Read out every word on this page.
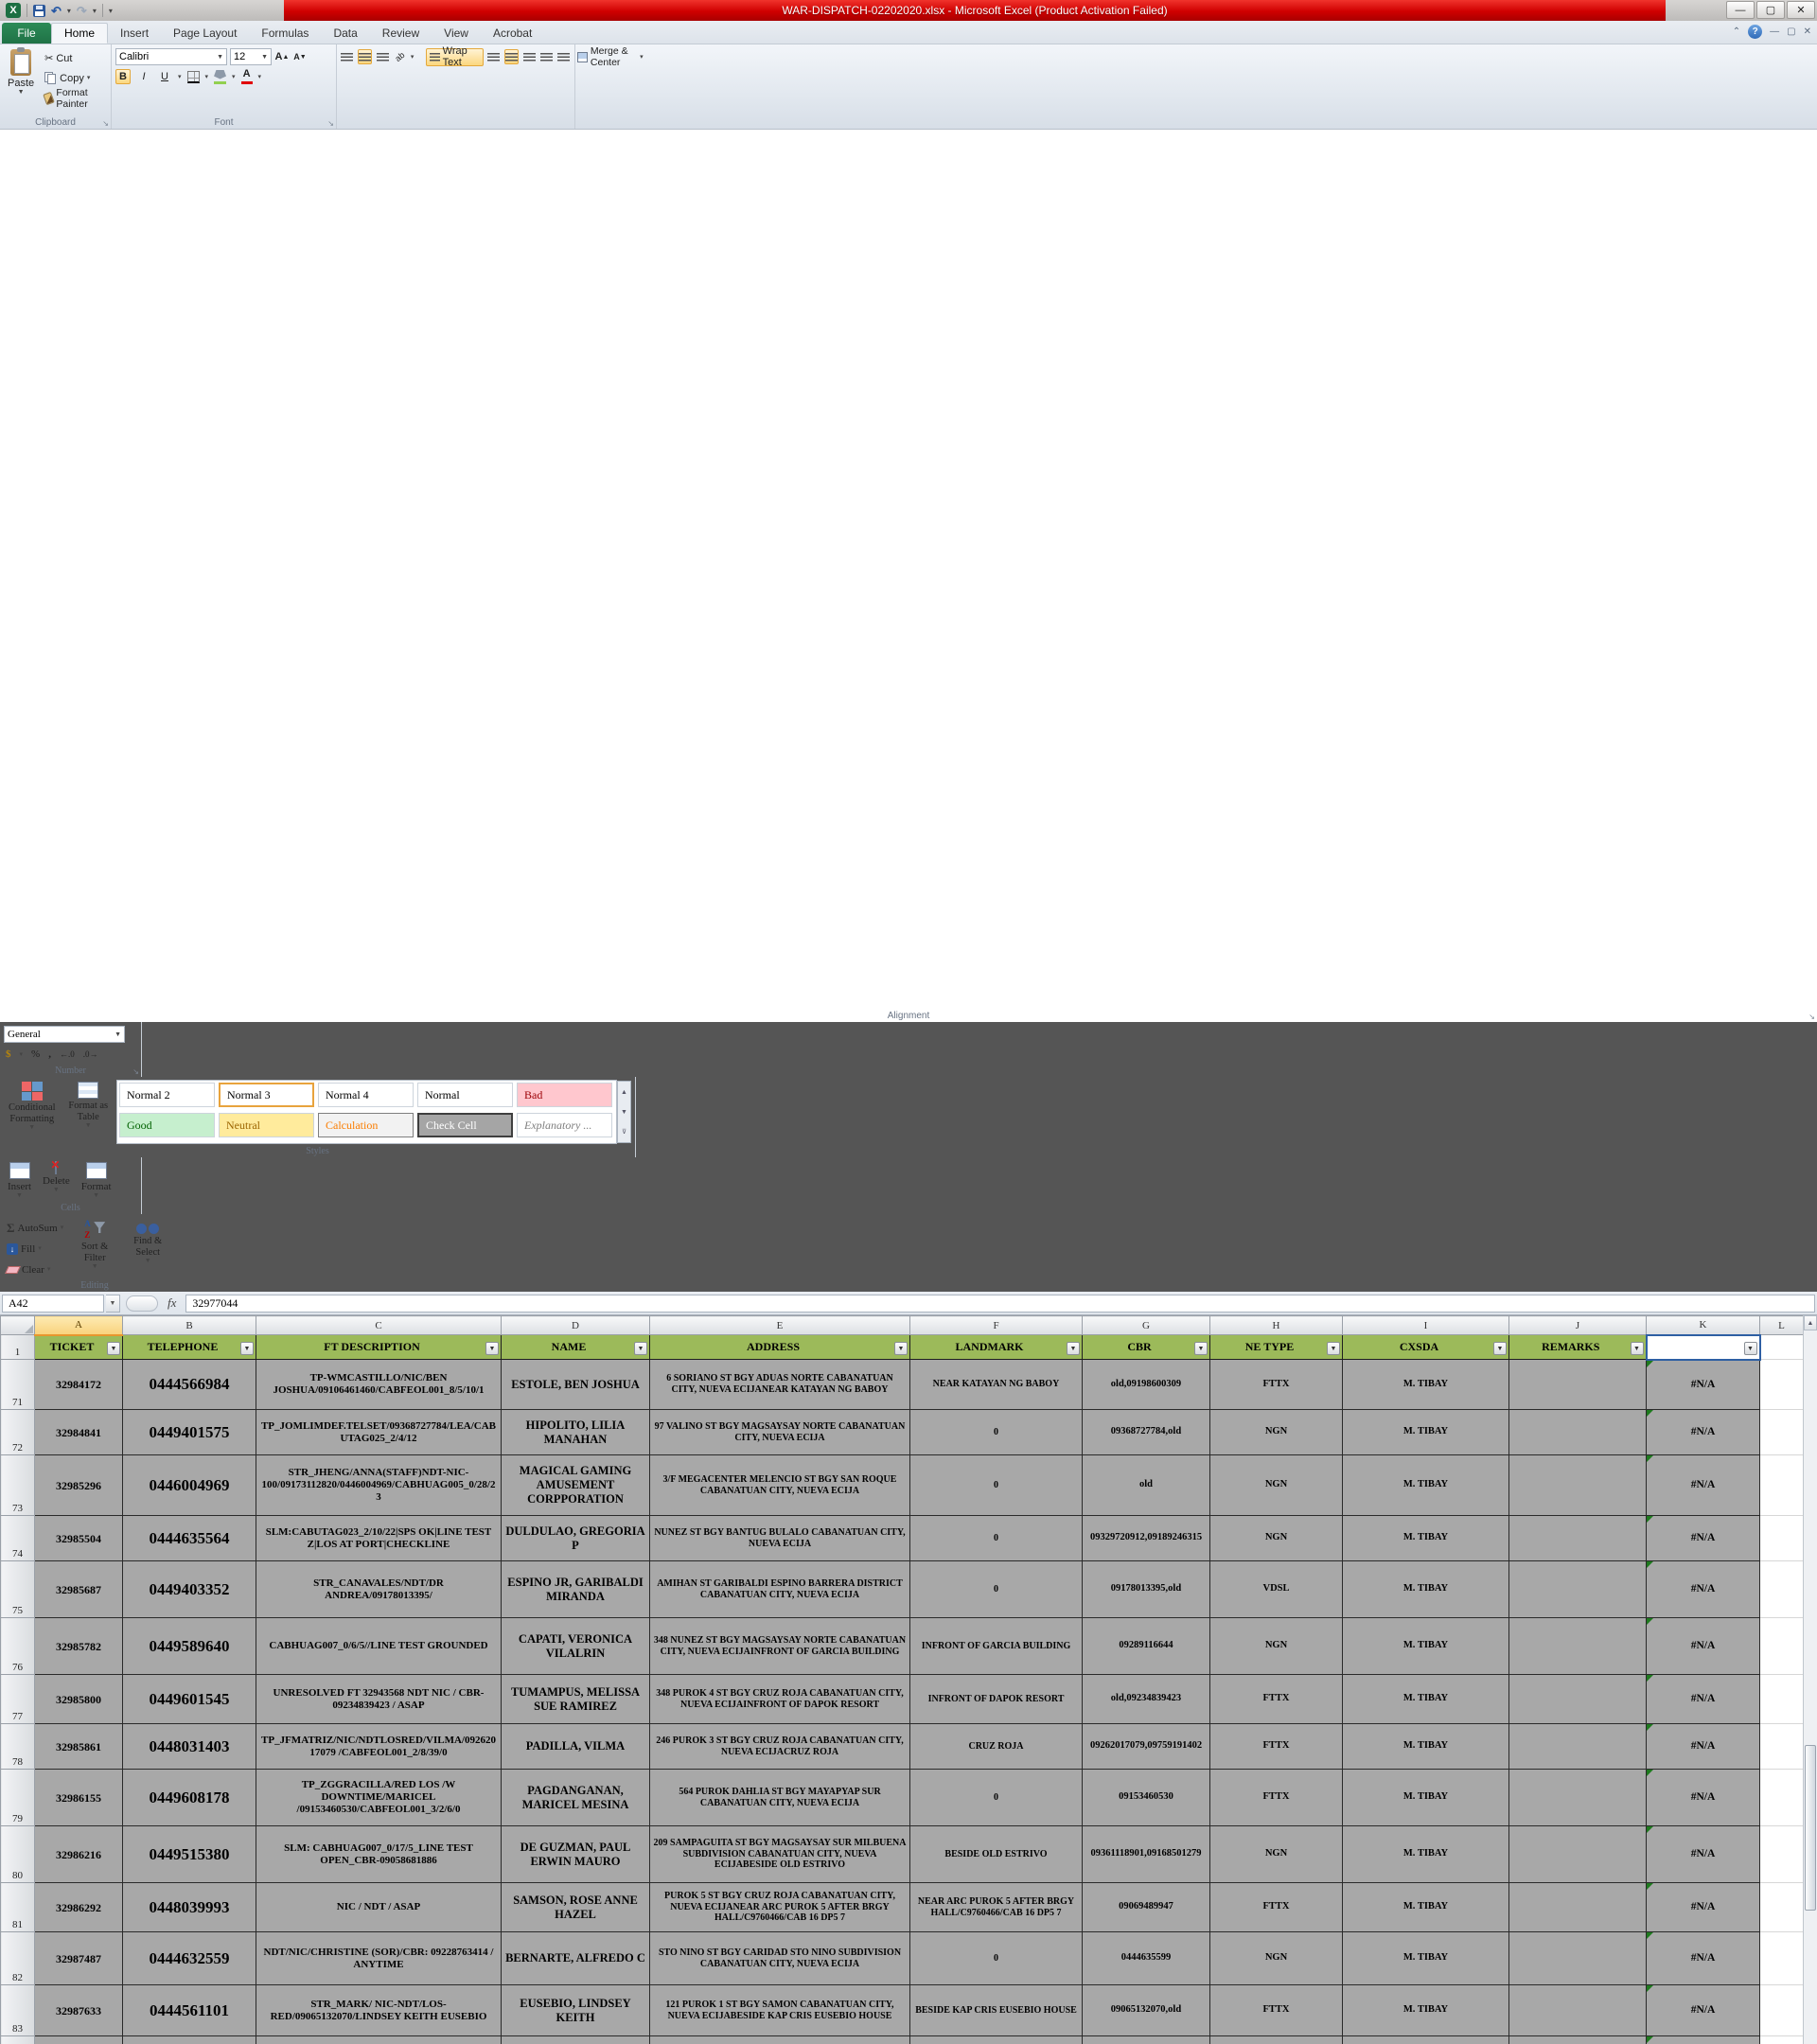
X	↶ ▾ ↷ ▾ ▾	WAR-DISPATCH-02202020.xlsx - Microsoft Excel (Product Activation Failed)	—	▢	✕
File	Home	Insert	Page Layout	Formulas	Data	Review	View	Acrobat	⌃	?	— ▢ ✕
Paste
▼
✂ Cut
Copy ▾
Format Painter
Clipboard	↘
Calibri	▼ 12 ▼ A ▲ A ▼
B	I	U	▾	▾	▾ A ▾
Font	↘
ab ▾	Wrap Text
Merge & Center	▾
Alignment	↘
General	▼
$ ▾ % , ←.0 .0→
Number	↘
Conditional Formatting
▼
Format as Table
▼
Normal 2	Normal 3	Normal 4	Normal	Bad
Good	Neutral	Calculation	Check Cell	Explanatory ...
▲
▼
⊽
Styles
Insert
▼
✕
Delete
▼ Format
▼
Cells
Σ AutoSum ▾
↓ Fill ▾
Clear ▾
A
Z
Sort & Filter
▼
Find & Select
▼
Editing
A42	▼	fx	32977044
	A	B	C	D	E	F	G	H	I	J	K	L
1	TICKET ▼	TELEPHONE ▼	FT DESCRIPTION ▼	NAME ▼	ADDRESS ▼	LANDMARK ▼	CBR ▼	NE TYPE ▼	CXSDA ▼	REMARKS ▼	▼	

71	32984172	0444566984	TP-WMCASTILLO/NIC/BEN JOSHUA/09106461460/CABFEOL001_8/5/10/1	ESTOLE, BEN JOSHUA	6 SORIANO ST BGY ADUAS NORTE CABANATUAN CITY, NUEVA ECIJANEAR KATAYAN NG BABOY	NEAR KATAYAN NG BABOY	old,09198600309	FTTX	M. TIBAY		#N/A	
72	32984841	0449401575	TP_JOMLIMDEF.TELSET/09368727784/LEA/CABUTAG025_2/4/12	HIPOLITO, LILIA MANAHAN	97 VALINO ST BGY MAGSAYSAY NORTE CABANATUAN CITY, NUEVA ECIJA	0	09368727784,old	NGN	M. TIBAY		#N/A	
73	32985296	0446004969	STR_JHENG/ANNA(STAFF)NDT-NIC-100/09173112820/0446004969/CABHUAG005_0/28/23	MAGICAL GAMING AMUSEMENT CORPPORATION	3/F MEGACENTER MELENCIO ST BGY SAN ROQUE CABANATUAN CITY, NUEVA ECIJA	0	old	NGN	M. TIBAY		#N/A	
74	32985504	0444635564	SLM:CABUTAG023_2/10/22|SPS OK|LINE TEST Z|LOS AT PORT|CHECKLINE	DULDULAO, GREGORIA P	NUNEZ ST BGY BANTUG BULALO CABANATUAN CITY, NUEVA ECIJA	0	09329720912,09189246315	NGN	M. TIBAY		#N/A	
75	32985687	0449403352	STR_CANAVALES/NDT/DR ANDREA/09178013395/	ESPINO JR, GARIBALDI MIRANDA	AMIHAN ST GARIBALDI ESPINO BARRERA DISTRICT CABANATUAN CITY, NUEVA ECIJA	0	09178013395,old	VDSL	M. TIBAY		#N/A	
76	32985782	0449589640	CABHUAG007_0/6/5//LINE TEST GROUNDED	CAPATI, VERONICA VILALRIN	348 NUNEZ ST BGY MAGSAYSAY NORTE CABANATUAN CITY, NUEVA ECIJAINFRONT OF GARCIA BUILDING	INFRONT OF GARCIA BUILDING	09289116644	NGN	M. TIBAY		#N/A	
77	32985800	0449601545	UNRESOLVED FT 32943568 NDT NIC / CBR-09234839423 / ASAP	TUMAMPUS, MELISSA SUE RAMIREZ	348 PUROK 4 ST BGY CRUZ ROJA CABANATUAN CITY, NUEVA ECIJAINFRONT OF DAPOK RESORT	INFRONT OF DAPOK RESORT	old,09234839423	FTTX	M. TIBAY		#N/A	
78	32985861	0448031403	TP_JFMATRIZ/NIC/NDTLOSRED/VILMA/09262017079 /CABFEOL001_2/8/39/0	PADILLA, VILMA	246 PUROK 3 ST BGY CRUZ ROJA CABANATUAN CITY, NUEVA ECIJACRUZ ROJA	CRUZ ROJA	09262017079,09759191402	FTTX	M. TIBAY		#N/A	
79	32986155	0449608178	TP_ZGGRACILLA/RED LOS /W DOWNTIME/MARICEL /09153460530/CABFEOL001_3/2/6/0	PAGDANGANAN, MARICEL MESINA	564 PUROK DAHLIA ST BGY MAYAPYAP SUR CABANATUAN CITY, NUEVA ECIJA	0	09153460530	FTTX	M. TIBAY		#N/A	
80	32986216	0449515380	SLM: CABHUAG007_0/17/5_LINE TEST OPEN_CBR-09058681886	DE GUZMAN, PAUL ERWIN MAURO	209 SAMPAGUITA ST BGY MAGSAYSAY SUR MILBUENA SUBDIVISION CABANATUAN CITY, NUEVA ECIJABESIDE OLD ESTRIVO	BESIDE OLD ESTRIVO	09361118901,09168501279	NGN	M. TIBAY		#N/A	
81	32986292	0448039993	NIC / NDT / ASAP	SAMSON, ROSE ANNE HAZEL	PUROK 5 ST BGY CRUZ ROJA CABANATUAN CITY, NUEVA ECIJANEAR ARC PUROK 5 AFTER BRGY HALL/C9760466/CAB 16 DP5 7	NEAR ARC PUROK 5 AFTER BRGY HALL/C9760466/CAB 16 DP5 7	09069489947	FTTX	M. TIBAY		#N/A	
82	32987487	0444632559	NDT/NIC/CHRISTINE (SOR)/CBR: 09228763414 / ANYTIME	BERNARTE, ALFREDO C	STO NINO ST BGY CARIDAD STO NINO SUBDIVISION CABANATUAN CITY, NUEVA ECIJA	0	0444635599	NGN	M. TIBAY		#N/A	
83	32987633	0444561101	STR_MARK/ NIC-NDT/LOS-RED/09065132070/LINDSEY KEITH EUSEBIO	EUSEBIO, LINDSEY KEITH	121 PUROK 1 ST BGY SAMON CABANATUAN CITY, NUEVA ECIJABESIDE KAP CRIS EUSEBIO HOUSE	BESIDE KAP CRIS EUSEBIO HOUSE	09065132070,old	FTTX	M. TIBAY		#N/A	

▲
